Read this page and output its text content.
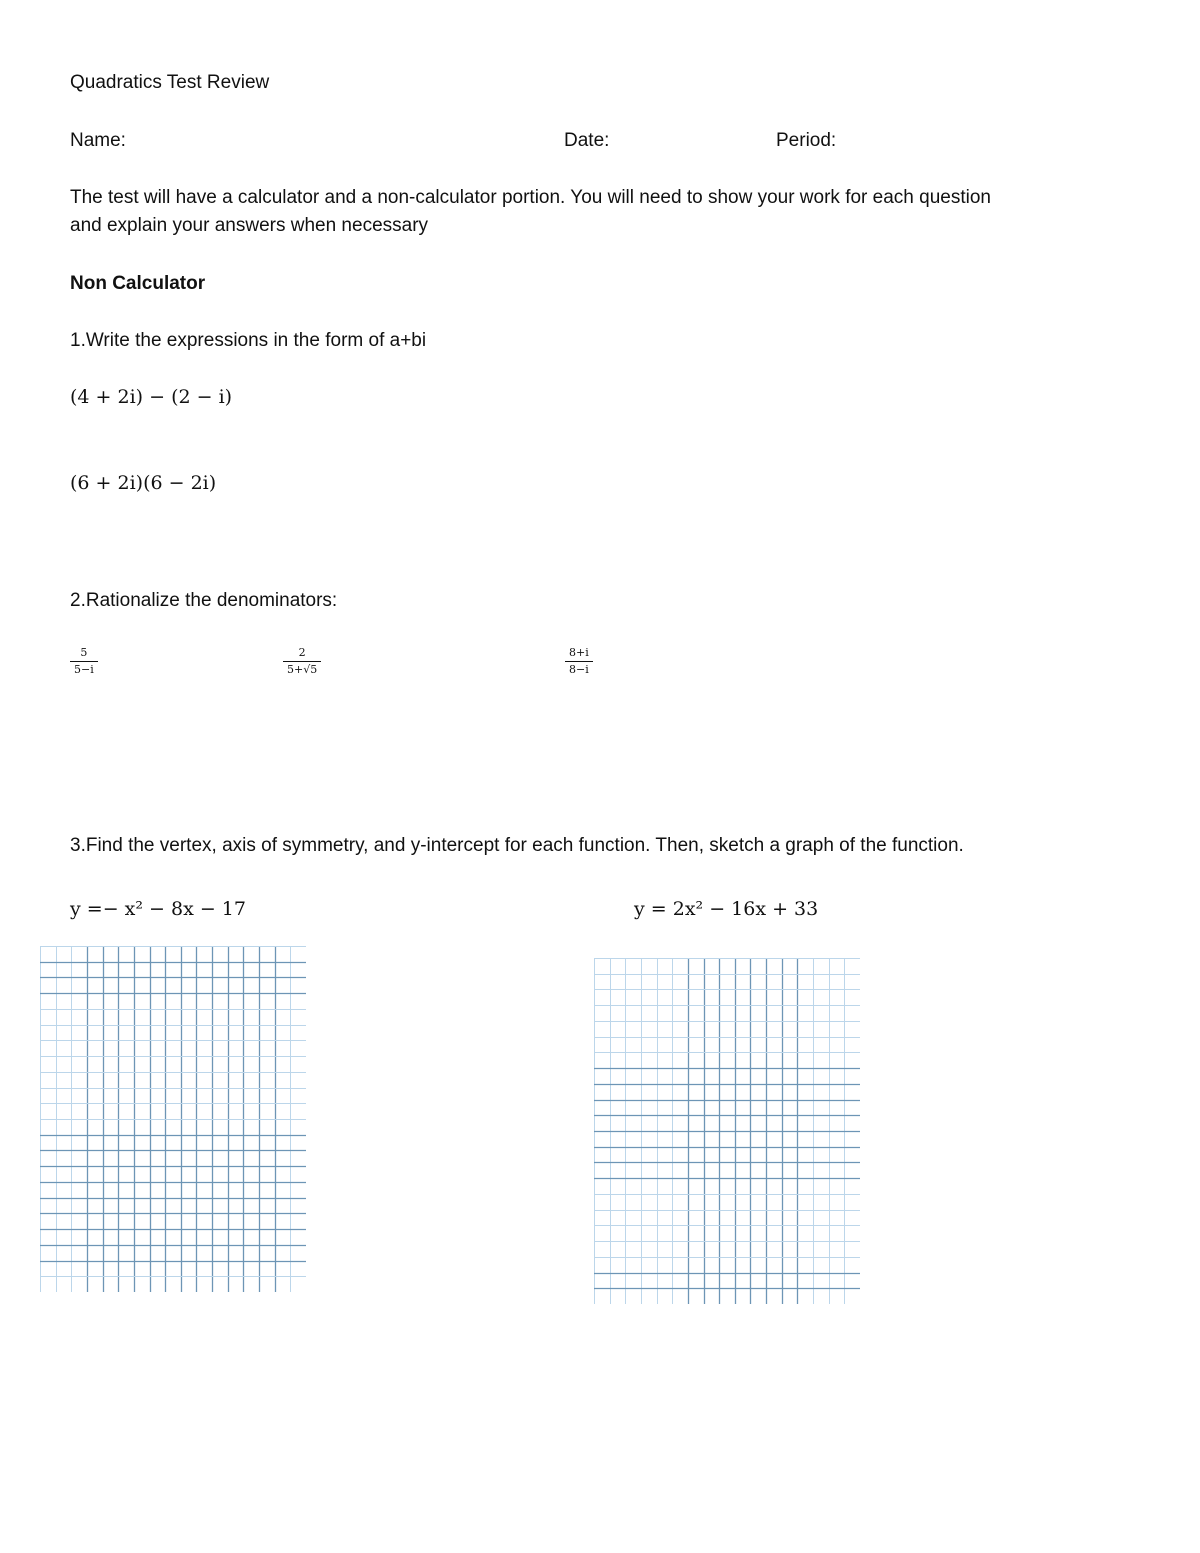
Quadratics Test Review
Name:	Date:	Period:
The test will have a calculator and a non-calculator portion. You will need to show your work for each question
and explain your answers when necessary
Non Calculator
1.Write the expressions in the form of a+bi
(4 + 2i) − (2 − i)
(6 + 2i)(6 − 2i)
2.Rationalize the denominators:
5
5−i
2
5+√5
8+i
8−i
3.Find the vertex, axis of symmetry, and y-intercept for each function. Then, sketch a graph of the function.
y =− x² − 8x − 17	y = 2x² − 16x + 33
